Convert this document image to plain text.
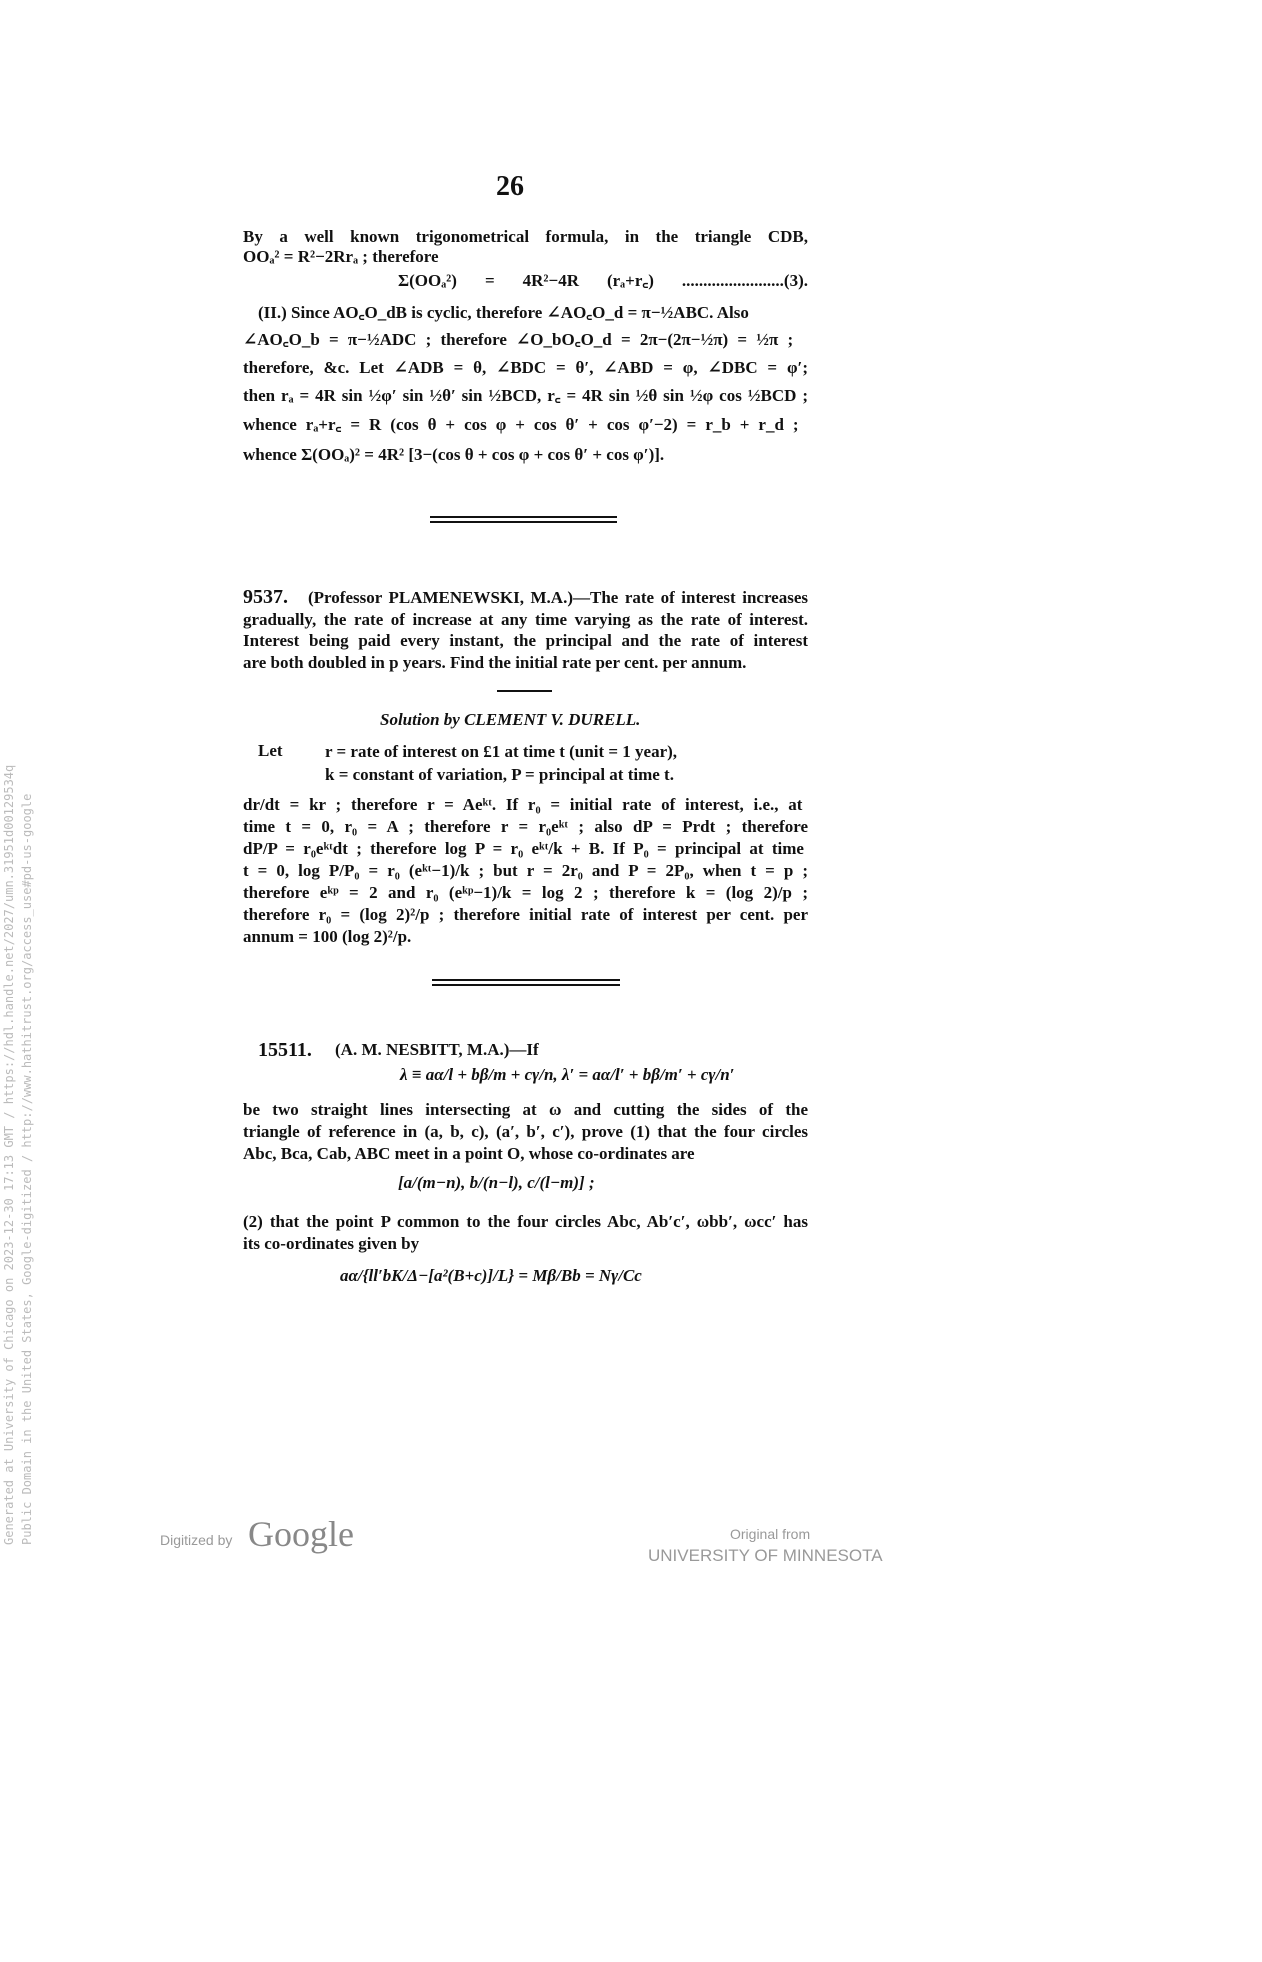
26
By a well known trigonometrical formula, in the triangle CDB,
OOₐ² = R²−2Rrₐ ; therefore
Σ(OOₐ²) = 4R²−4R (rₐ+r꜀) ........................(3).
(II.) Since AO꜀O_dB is cyclic, therefore ∠AO꜀O_d = π−½ABC. Also
∠AO꜀O_b = π−½ADC ; therefore ∠O_bO꜀O_d = 2π−(2π−½π) = ½π ;
therefore, &c. Let ∠ADB = θ, ∠BDC = θ′, ∠ABD = φ, ∠DBC = φ′;
then rₐ = 4R sin ½φ′ sin ½θ′ sin ½BCD, r꜀ = 4R sin ½θ sin ½φ cos ½BCD ;
whence rₐ+r꜀ = R (cos θ + cos φ + cos θ′ + cos φ′−2) = r_b + r_d ;
whence Σ(OOₐ)² = 4R² [3−(cos θ + cos φ + cos θ′ + cos φ′)].
9537. (Professor PLAMENEWSKI, M.A.)—The rate of interest increases
gradually, the rate of increase at any time varying as the rate of interest.
Interest being paid every instant, the principal and the rate of interest
are both doubled in p years. Find the initial rate per cent. per annum.
Solution by CLEMENT V. DURELL.
Let r = rate of interest on £1 at time t (unit = 1 year),
k = constant of variation, P = principal at time t.
dr/dt = kr ; therefore r = Aeᵏᵗ. If r₀ = initial rate of interest, i.e., at
time t = 0, r₀ = A ; therefore r = r₀eᵏᵗ ; also dP = Prdt ; therefore
dP/P = r₀eᵏᵗdt ; therefore log P = r₀ eᵏᵗ/k + B. If P₀ = principal at time
t = 0, log P/P₀ = r₀ (eᵏᵗ−1)/k ; but r = 2r₀ and P = 2P₀, when t = p ;
therefore eᵏᵖ = 2 and r₀ (eᵏᵖ−1)/k = log 2 ; therefore k = (log 2)/p ;
therefore r₀ = (log 2)²/p ; therefore initial rate of interest per cent. per
annum = 100 (log 2)²/p.
15511. (A. M. NESBITT, M.A.)—If
λ ≡ aα/l + bβ/m + cγ/n, λ′ = aα/l′ + bβ/m′ + cγ/n′
be two straight lines intersecting at ω and cutting the sides of the
triangle of reference in (a, b, c), (a′, b′, c′), prove (1) that the four circles
Abc, Bca, Cab, ABC meet in a point O, whose co-ordinates are
[a/(m−n), b/(n−l), c/(l−m)] ;
(2) that the point P common to the four circles Abc, Ab′c′, ωbb′, ωcc′ has
its co-ordinates given by
aα/{ll′bK/Δ−[a²(B+c)]/L} = Mβ/Bb = Nγ/Cc
Generated at University of Chicago on 2023-12-30 17:13 GMT / https://hdl.handle.net/2027/umn.31951d00129534q Public Domain in the United States, Google-digitized / http://www.hathitrust.org/access_use#pd-us-google	Digitized by Google	Original from
UNIVERSITY OF MINNESOTA
